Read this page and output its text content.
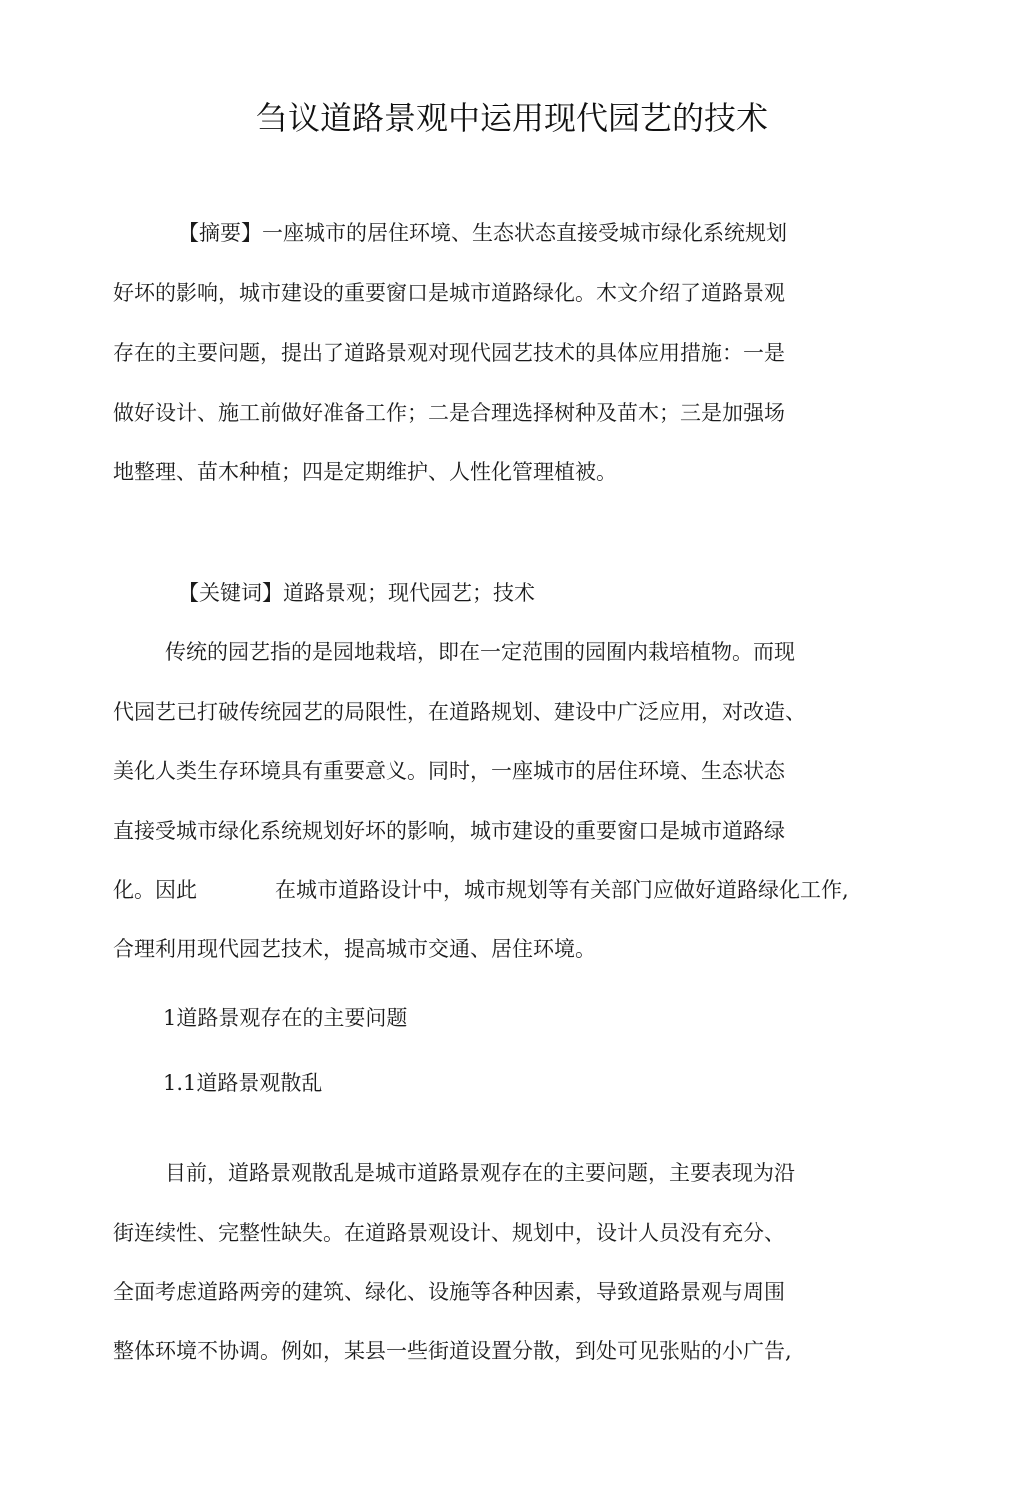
刍议道路景观中运用现代园艺的技术
【摘要】一座城市的居住环境、生态状态直接受城市绿化系统规划
好坏的影响，城市建设的重要窗口是城市道路绿化。木文介绍了道路景观
存在的主要问题，提出了道路景观对现代园艺技术的具体应用措施：一是
做好设计、施工前做好准备工作；二是合理选择树种及苗木；三是加强场
地整理、苗木种植；四是定期维护、人性化管理植被。
【关键词】道路景观；现代园艺；技术
传统的园艺指的是园地栽培，即在一定范围的园囿内栽培植物。而现
代园艺已打破传统园艺的局限性，在道路规划、建设中广泛应用，对改造、
美化人类生存环境具有重要意义。同时，一座城市的居住环境、生态状态
直接受城市绿化系统规划好坏的影响，城市建设的重要窗口是城市道路绿
化。因此	在城市道路设计中，城市规划等有关部门应做好道路绿化工作,
合理利用现代园艺技术，提高城市交通、居住环境。
1道路景观存在的主要问题
1.1道路景观散乱
目前，道路景观散乱是城市道路景观存在的主要问题，主要表现为沿
街连续性、完整性缺失。在道路景观设计、规划中，设计人员没有充分、
全面考虑道路两旁的建筑、绿化、设施等各种因素，导致道路景观与周围
整体环境不协调。例如，某县一些街道设置分散，到处可见张贴的小广告,
